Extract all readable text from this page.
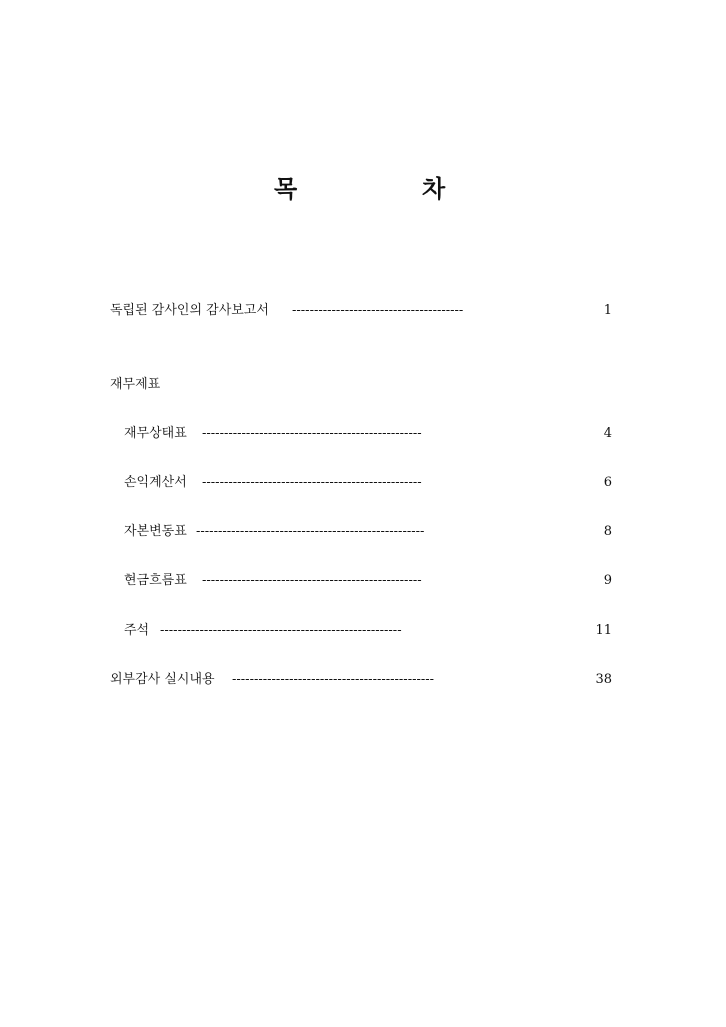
목	차
독립된 감사인의 감사보고서 ---------------------------------------	1
재무제표
재무상태표 --------------------------------------------------	4
손익계산서 --------------------------------------------------	6
자본변동표 ----------------------------------------------------	8
현금흐름표 --------------------------------------------------	9
주석 -------------------------------------------------------	11
외부감사 실시내용 ----------------------------------------------	38
